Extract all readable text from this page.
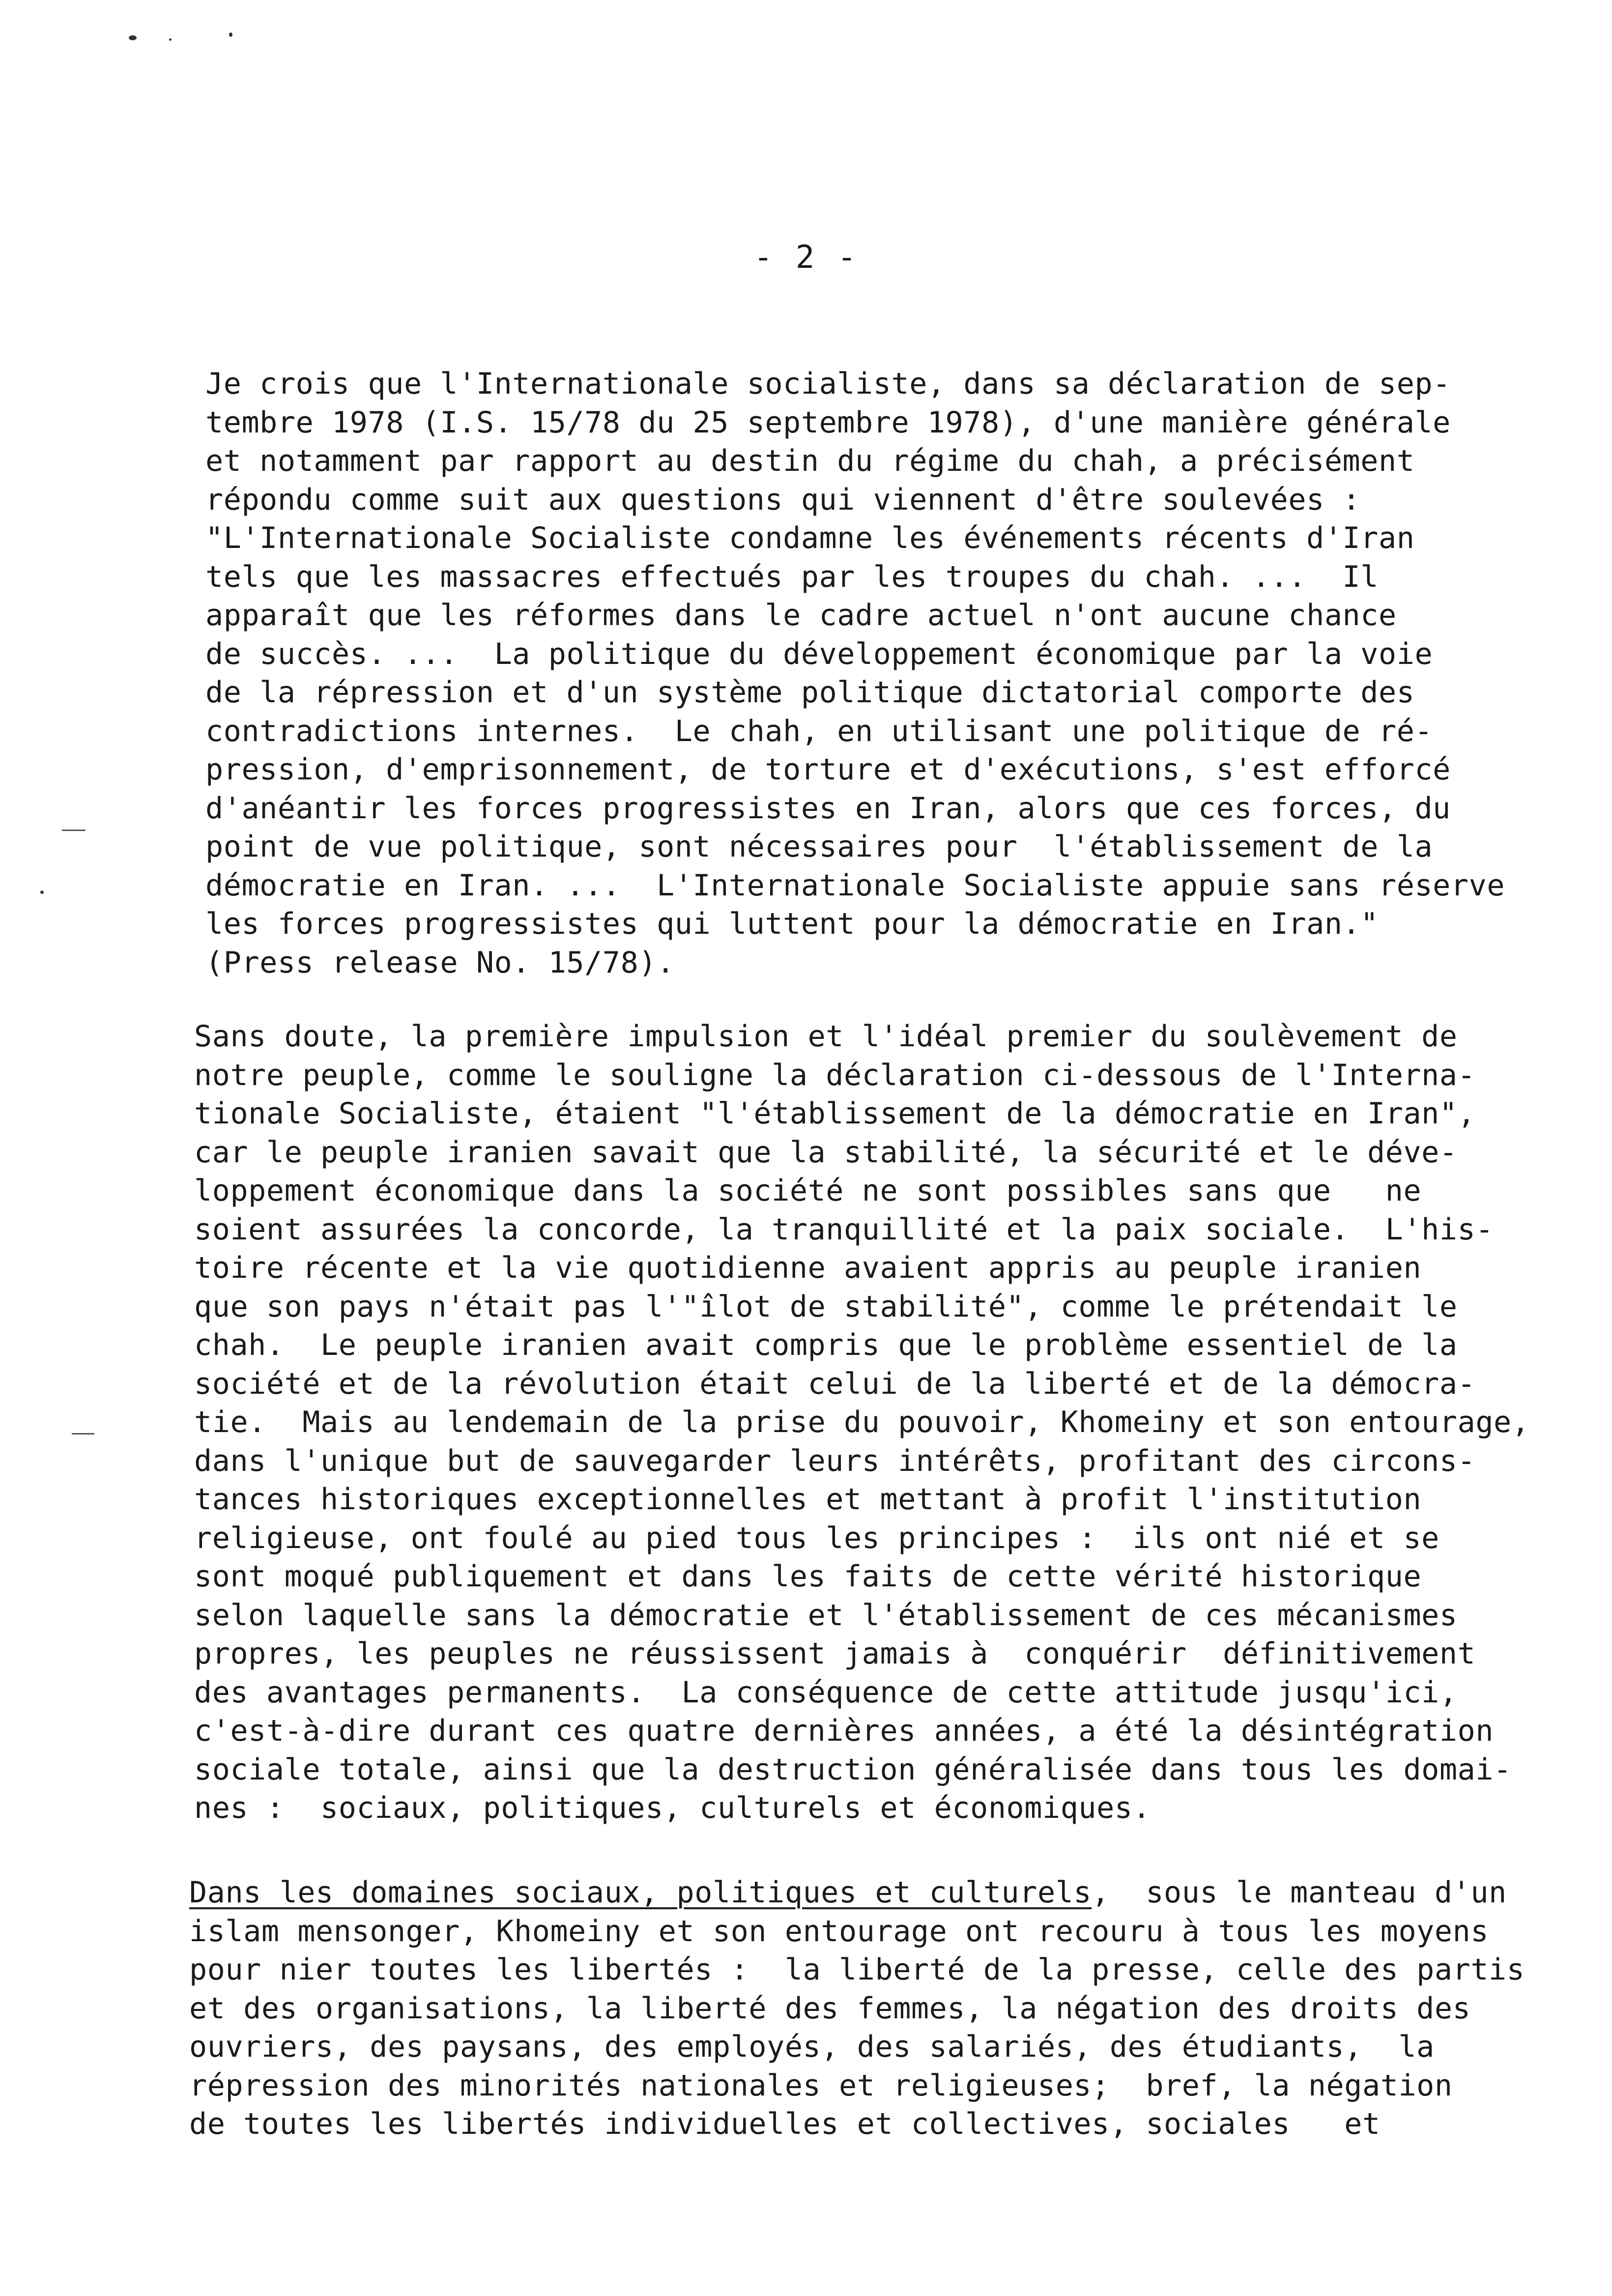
- 2 -
Je crois que l'Internationale socialiste, dans sa déclaration de sep-
tembre 1978 (I.S. 15/78 du 25 septembre 1978), d'une manière générale
et notamment par rapport au destin du régime du chah, a précisément
répondu comme suit aux questions qui viennent d'être soulevées :
"L'Internationale Socialiste condamne les événements récents d'Iran
tels que les massacres effectués par les troupes du chah. ...  Il
apparaît que les réformes dans le cadre actuel n'ont aucune chance
de succès. ...  La politique du développement économique par la voie
de la répression et d'un système politique dictatorial comporte des
contradictions internes.  Le chah, en utilisant une politique de ré-
pression, d'emprisonnement, de torture et d'exécutions, s'est efforcé
d'anéantir les forces progressistes en Iran, alors que ces forces, du
point de vue politique, sont nécessaires pour  l'établissement de la
démocratie en Iran. ...  L'Internationale Socialiste appuie sans réserve
les forces progressistes qui luttent pour la démocratie en Iran."
(Press release No. 15/78).
Sans doute, la première impulsion et l'idéal premier du soulèvement de
notre peuple, comme le souligne la déclaration ci-dessous de l'Interna-
tionale Socialiste, étaient "l'établissement de la démocratie en Iran",
car le peuple iranien savait que la stabilité, la sécurité et le déve-
loppement économique dans la société ne sont possibles sans que   ne
soient assurées la concorde, la tranquillité et la paix sociale.  L'his-
toire récente et la vie quotidienne avaient appris au peuple iranien
que son pays n'était pas l'"îlot de stabilité", comme le prétendait le
chah.  Le peuple iranien avait compris que le problème essentiel de la
société et de la révolution était celui de la liberté et de la démocra-
tie.  Mais au lendemain de la prise du pouvoir, Khomeiny et son entourage,
dans l'unique but de sauvegarder leurs intérêts, profitant des circons-
tances historiques exceptionnelles et mettant à profit l'institution
religieuse, ont foulé au pied tous les principes :  ils ont nié et se
sont moqué publiquement et dans les faits de cette vérité historique
selon laquelle sans la démocratie et l'établissement de ces mécanismes
propres, les peuples ne réussissent jamais à  conquérir  définitivement
des avantages permanents.  La conséquence de cette attitude jusqu'ici,
c'est-à-dire durant ces quatre dernières années, a été la désintégration
sociale totale, ainsi que la destruction généralisée dans tous les domai-
nes :  sociaux, politiques, culturels et économiques.
Dans les domaines sociaux, politiques et culturels,  sous le manteau d'un
islam mensonger, Khomeiny et son entourage ont recouru à tous les moyens
pour nier toutes les libertés :  la liberté de la presse, celle des partis
et des organisations, la liberté des femmes, la négation des droits des
ouvriers, des paysans, des employés, des salariés, des étudiants,  la
répression des minorités nationales et religieuses;  bref, la négation
de toutes les libertés individuelles et collectives, sociales   et
